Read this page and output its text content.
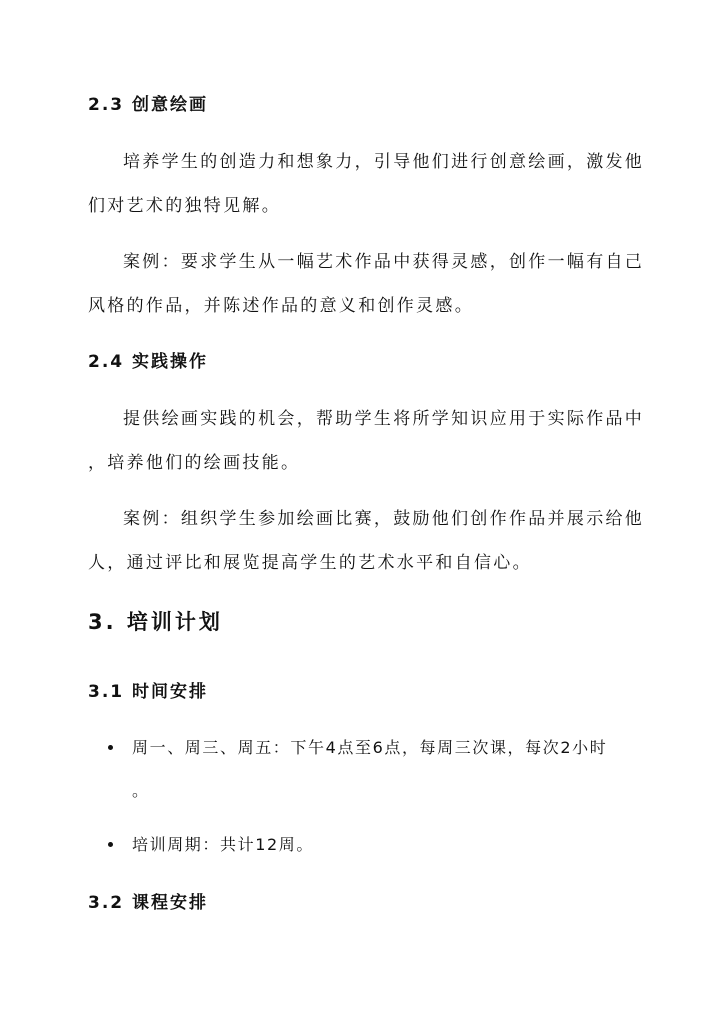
2.3 创意绘画
培养学生的创造力和想象力，引导他们进行创意绘画，激发他
们对艺术的独特见解。
案例：要求学生从一幅艺术作品中获得灵感，创作一幅有自己
风格的作品，并陈述作品的意义和创作灵感。
2.4 实践操作
提供绘画实践的机会，帮助学生将所学知识应用于实际作品中
，培养他们的绘画技能。
案例：组织学生参加绘画比赛，鼓励他们创作作品并展示给他
人，通过评比和展览提高学生的艺术水平和自信心。
3. 培训计划
3.1 时间安排
周一、周三、周五：下午4点至6点，每周三次课，每次2小时
。
培训周期：共计12周。
3.2 课程安排
